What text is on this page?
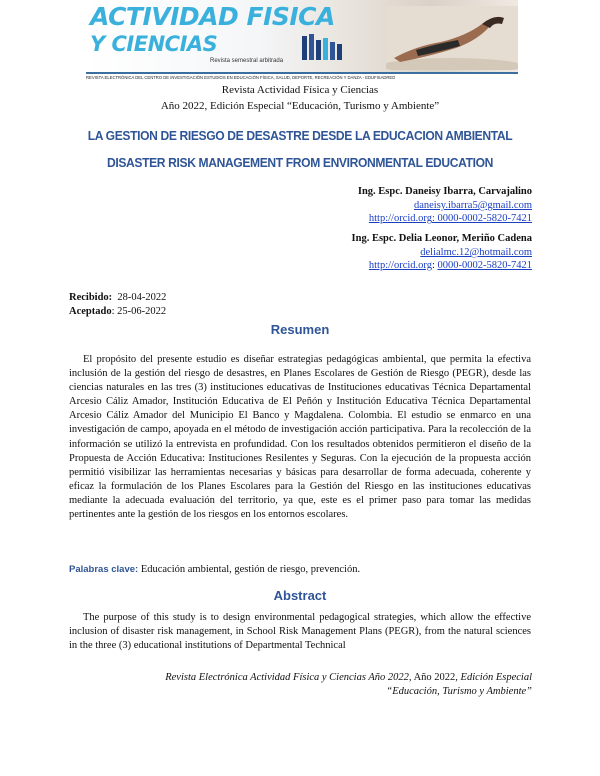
ACTIVIDAD FISICA
Y CIENCIAS
Revista semestral arbitrada
REVISTA ELECTRÓNICA DEL CENTRO DE INVESTIGACIÓN ESTUDIOS EN EDUCACIÓN FÍSICA, SALUD, DEPORTE, RECREACIÓN Y DANZA - EDUFISADRED
Revista Actividad Física y Ciencias
Año 2022, Edición Especial “Educación, Turismo y Ambiente”
LA GESTION DE RIESGO DE DESASTRE DESDE LA EDUCACION AMBIENTAL
DISASTER RISK MANAGEMENT FROM ENVIRONMENTAL EDUCATION
Ing. Espc. Daneisy Ibarra, Carvajalino
daneisy.ibarra5@gmail.com
http://orcid.org: 0000-0002-5820-7421
Ing. Espc. Delia Leonor, Meriño Cadena
delialmc.12@hotmail.com
http://orcid.org: 0000-0002-5820-7421
Recibido: 28-04-2022
Aceptado: 25-06-2022
Resumen
El propósito del presente estudio es diseñar estrategias pedagógicas ambiental, que permita la efectiva inclusión de la gestión del riesgo de desastres, en Planes Escolares de Gestión de Riesgo (PEGR), desde las ciencias naturales en las tres (3) instituciones educativas de Instituciones educativas Técnica Departamental Arcesio Cáliz Amador, Institución Educativa de El Peñón y Institución Educativa Técnica Departamental Arcesio Cáliz Amador del Municipio El Banco y Magdalena. Colombia. El estudio se enmarco en una investigación de campo, apoyada en el método de investigación acción participativa. Para la recolección de la información se utilizó la entrevista en profundidad. Con los resultados obtenidos permitieron el diseño de la Propuesta de Acción Educativa: Instituciones Resilentes y Seguras. Con la ejecución de la propuesta acción permitió visibilizar las herramientas necesarias y básicas para desarrollar de forma adecuada, coherente y eficaz la formulación de los Planes Escolares para la Gestión del Riesgo en las instituciones educativas mediante la adecuada evaluación del territorio, ya que, este es el primer paso para tomar las medidas pertinentes ante la gestión de los riesgos en los entornos escolares.
Palabras clave: Educación ambiental, gestión de riesgo, prevención.
Abstract
The purpose of this study is to design environmental pedagogical strategies, which allow the effective inclusion of disaster risk management, in School Risk Management Plans (PEGR), from the natural sciences in the three (3) educational institutions of Departmental Technical
Revista Electrónica Actividad Física y Ciencias Año 2022, Año 2022, Edición Especial
“Educación, Turismo y Ambiente”
